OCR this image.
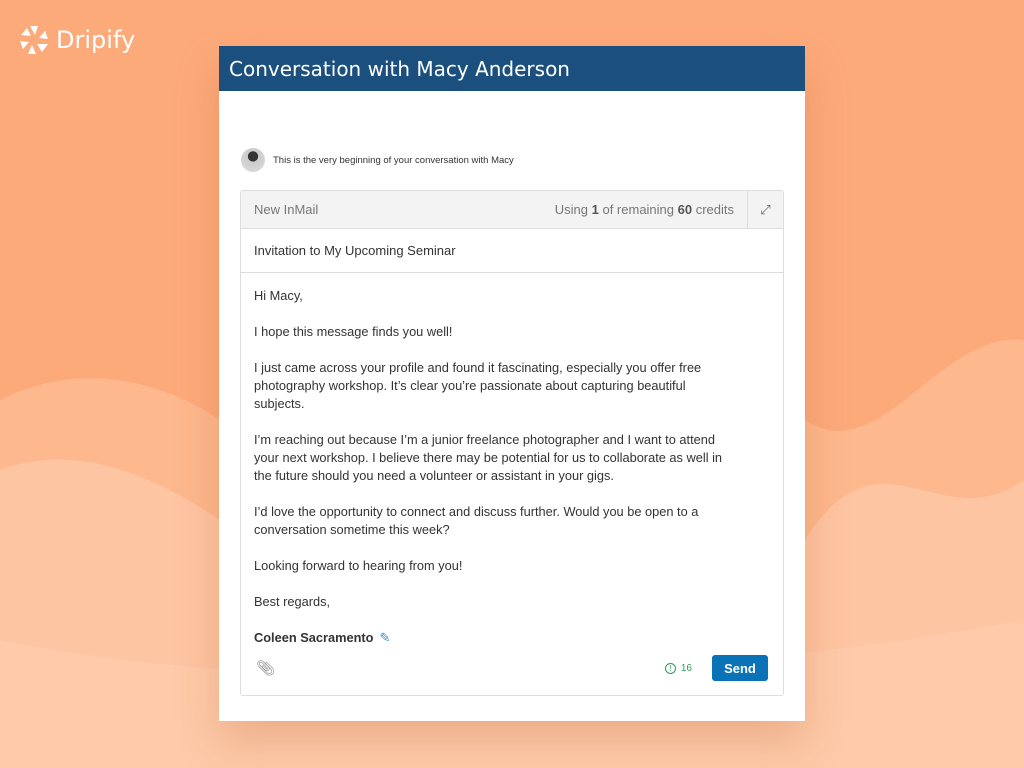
Dripify
Conversation with Macy Anderson
This is the very beginning of your conversation with Macy
New InMail	Using 1 of remaining 60 credits	⤢
Invitation to My Upcoming Seminar

Hi Macy,

I hope this message finds you well!

I just came across your profile and found it fascinating, especially you offer free photography workshop. It’s clear you’re passionate about capturing beautiful subjects.

I’m reaching out because I’m a junior freelance photographer and I want to attend your next workshop. I believe there may be potential for us to collaborate as well in the future should you need a volunteer or assistant in your gigs.

I’d love the opportunity to connect and discuss further. Would you be open to a conversation sometime this week?

Looking forward to hearing from you!

Best regards,

Coleen Sacramento ✎
📎︎	! 16	Send
